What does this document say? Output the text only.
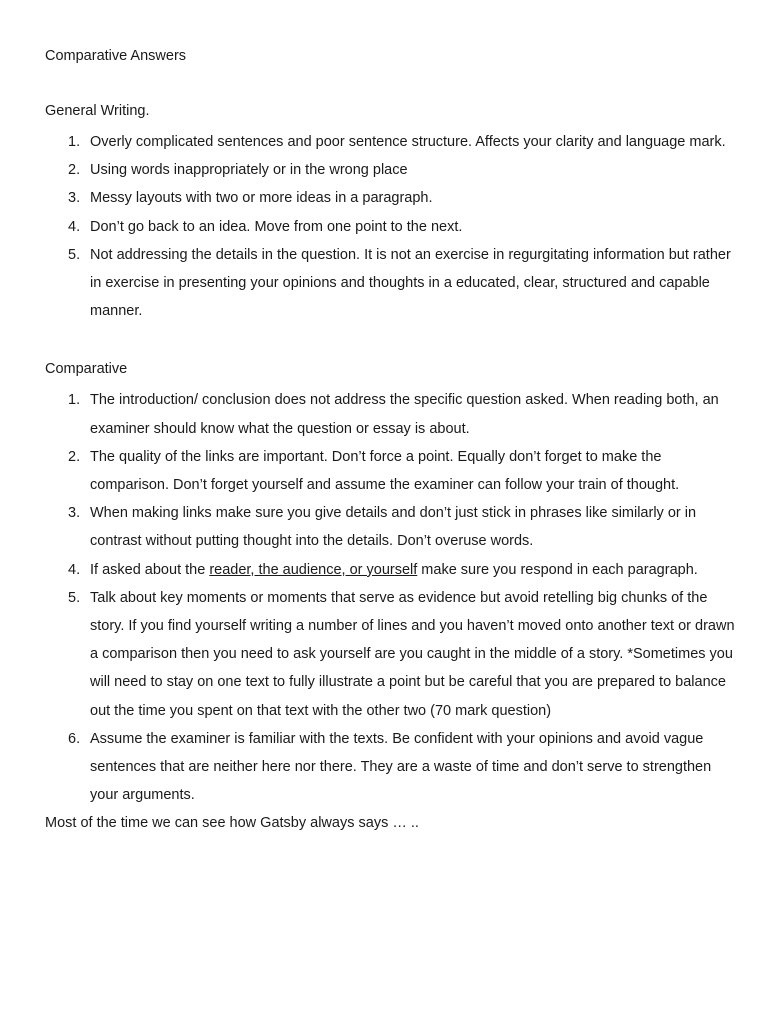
Comparative Answers

General Writing.

1. Overly complicated sentences and poor sentence structure. Affects your clarity and language mark.
2. Using words inappropriately or in the wrong place
3. Messy layouts with two or more ideas in a paragraph.
4. Don’t go back to an idea. Move from one point to the next.
5. Not addressing the details in the question. It is not an exercise in regurgitating information but rather in exercise in presenting your opinions and thoughts in a educated, clear, structured and capable manner.

Comparative

1. The introduction/ conclusion does not address the specific question asked. When reading both, an examiner should know what the question or essay is about.
2. The quality of the links are important. Don’t force a point. Equally don’t forget to make the comparison. Don’t forget yourself and assume the examiner can follow your train of thought.
3. When making links make sure you give details and don’t just stick in phrases like similarly or in contrast without putting thought into the details. Don’t overuse words.
4. If asked about the reader, the audience, or yourself make sure you respond in each paragraph.
5. Talk about key moments or moments that serve as evidence but avoid retelling big chunks of the story. If you find yourself writing a number of lines and you haven’t moved onto another text or drawn a comparison then you need to ask yourself are you caught in the middle of a story. *Sometimes you will need to stay on one text to fully illustrate a point but be careful that you are prepared to balance out the time you spent on that text with the other two (70 mark question)
6. Assume the examiner is familiar with the texts. Be confident with your opinions and avoid vague sentences that are neither here nor there. They are a waste of time and don’t serve to strengthen your arguments.

Most of the time we can see how Gatsby always says … ..
